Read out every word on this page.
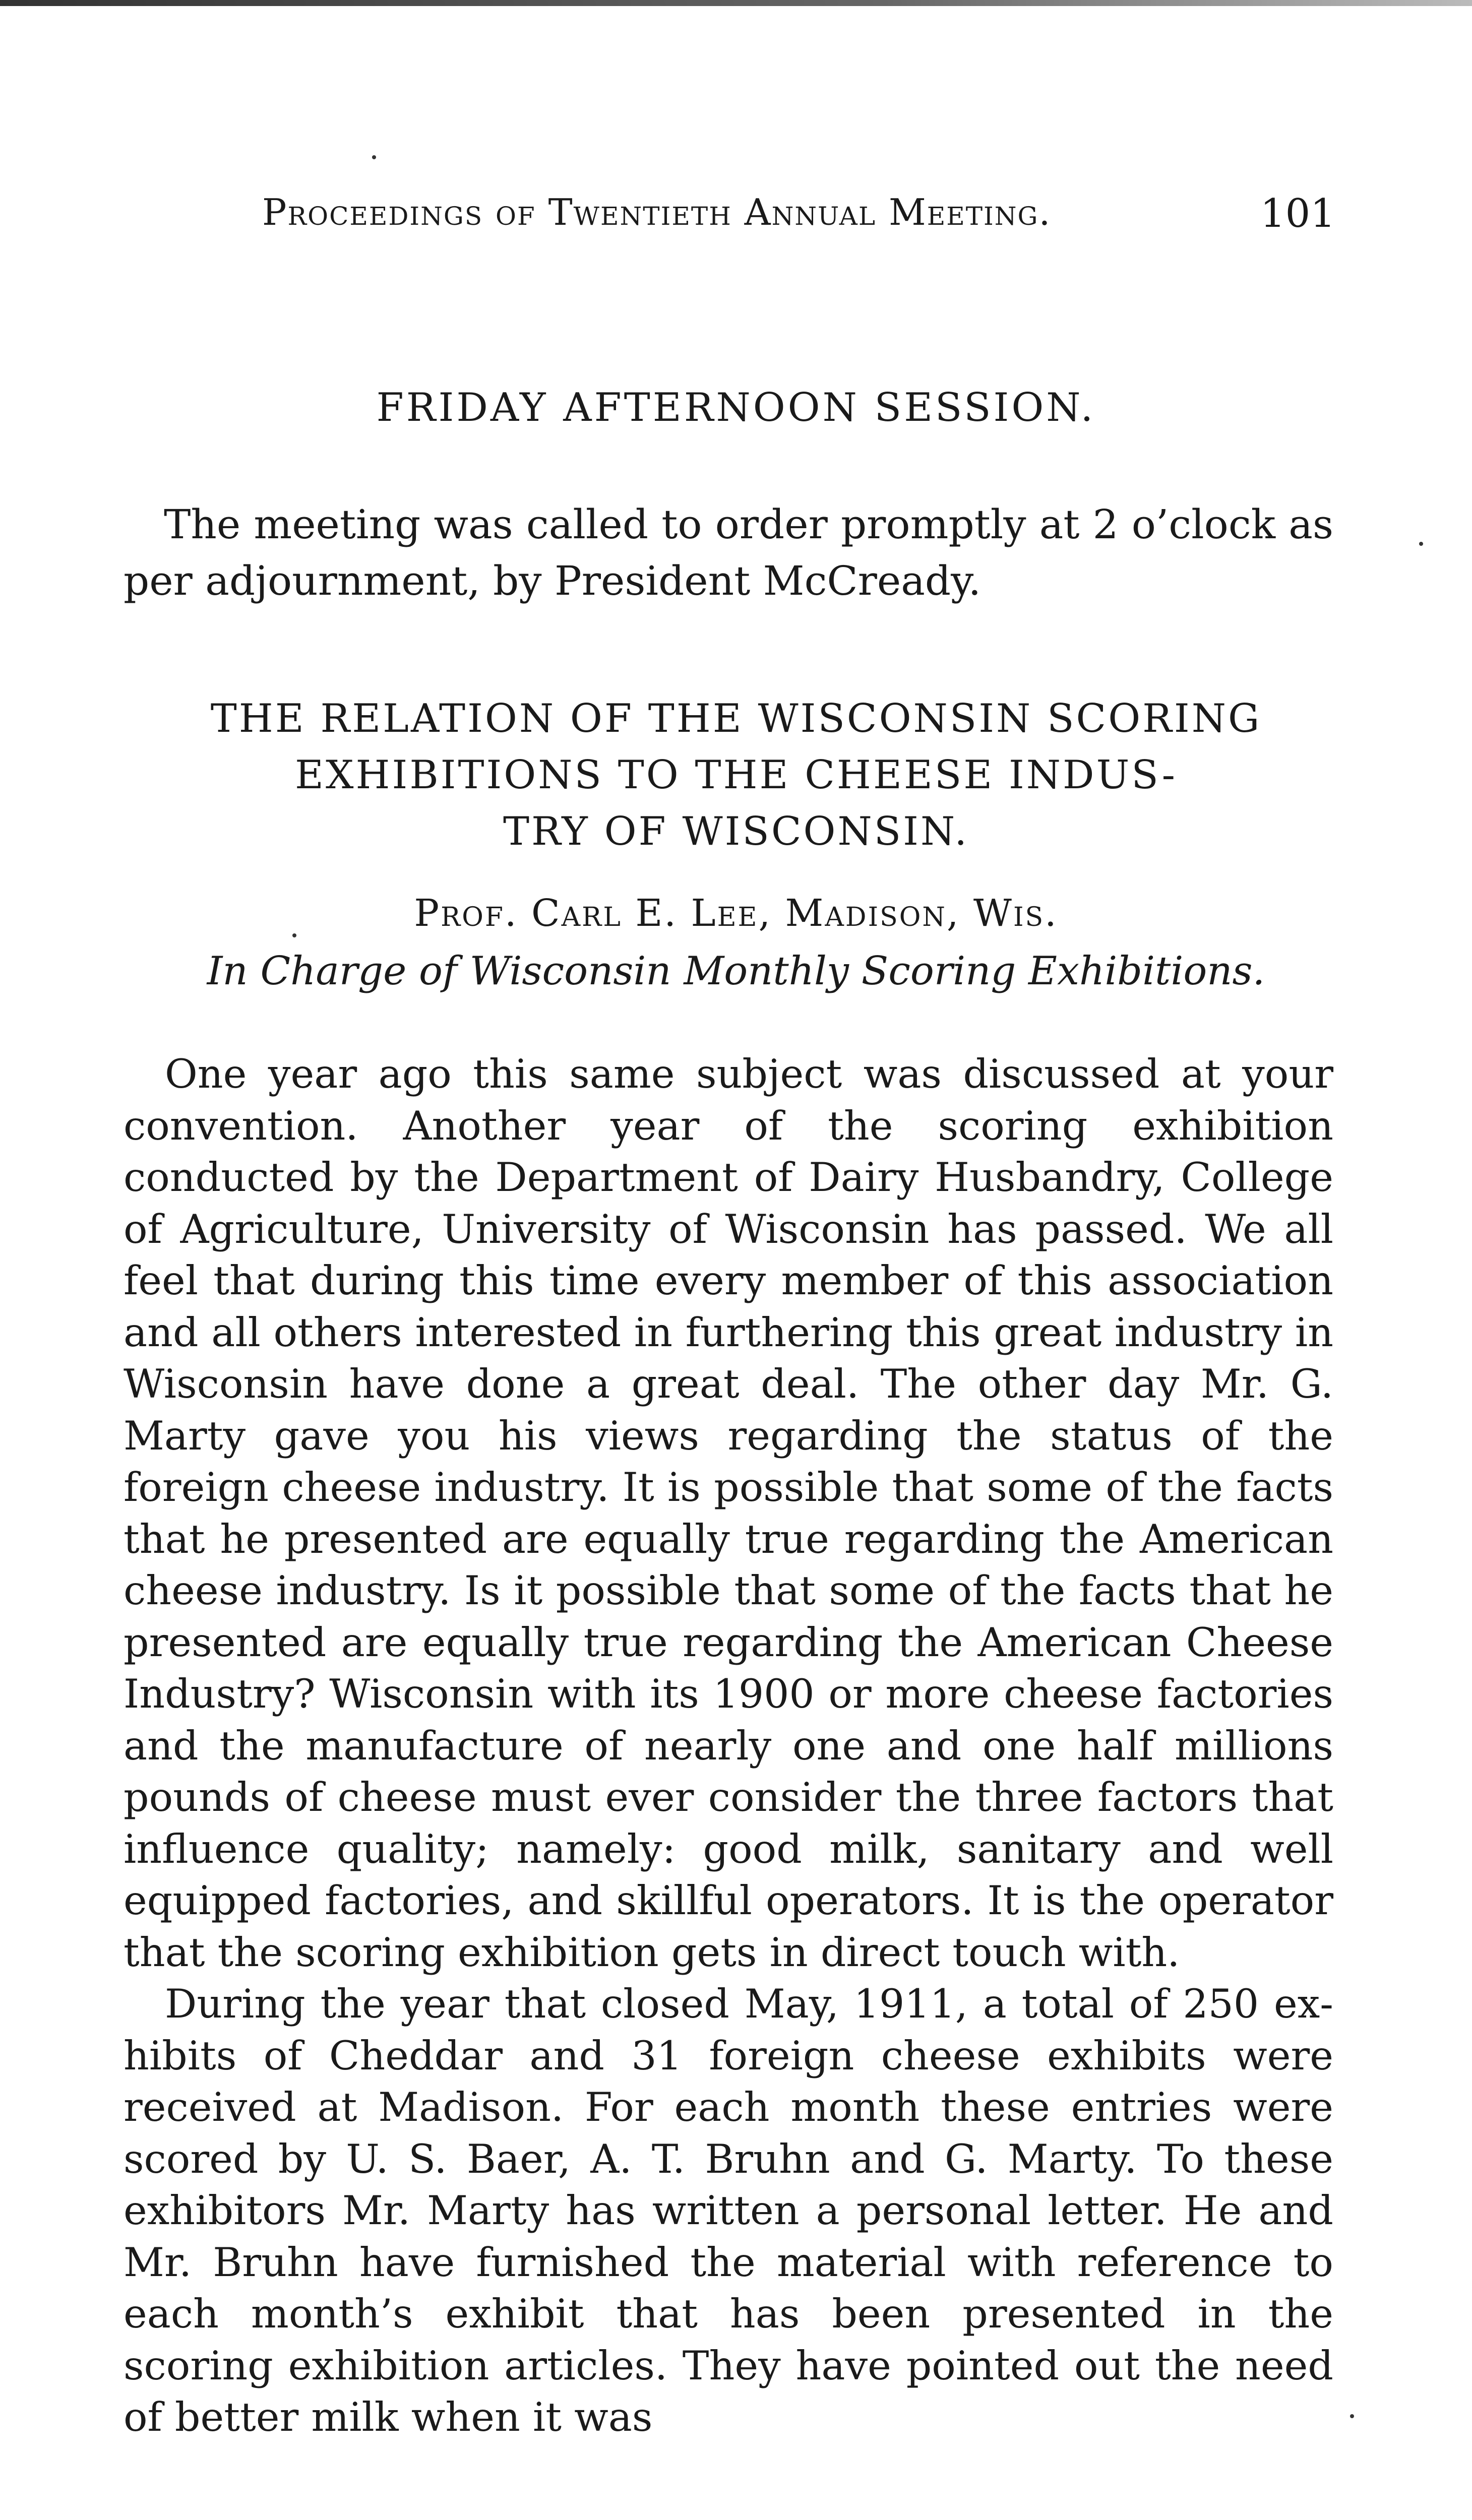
Proceedings of Twentieth Annual Meeting.	101
FRIDAY AFTERNOON SESSION.

The meeting was called to order promptly at 2 o’clock as per adjournment, by President McCready.

THE RELATION OF THE WISCONSIN SCORING
EXHIBITIONS TO THE CHEESE INDUS-
TRY OF WISCONSIN.
Prof. Carl E. Lee, Madison, Wis.
In Charge of Wisconsin Monthly Scoring Exhibitions.

One year ago this same subject was discussed at your convention. Another year of the scoring exhibition conducted by the Department of Dairy Husbandry, College of Agriculture, University of Wisconsin has passed. We all feel that during this time every member of this association and all others interested in furthering this great industry in Wisconsin have done a great deal. The other day Mr. G. Marty gave you his views regarding the status of the foreign cheese industry. It is possible that some of the facts that he presented are equally true regarding the American cheese industry. Is it possible that some of the facts that he presented are equally true regarding the American Cheese Industry? Wisconsin with its 1900 or more cheese factories and the manufacture of nearly one and one half millions pounds of cheese must ever consider the three factors that influence quality; namely: good milk, sanitary and well equipped factories, and skillful operators. It is the operator that the scoring exhibition gets in direct touch with.

During the year that closed May, 1911, a total of 250 exhibits of Cheddar and 31 foreign cheese exhibits were received at Madison. For each month these entries were scored by U. S. Baer, A. T. Bruhn and G. Marty. To these exhibitors Mr. Marty has written a personal letter. He and Mr. Bruhn have furnished the material with reference to each month’s exhibit that has been presented in the scoring exhibition articles. They have pointed out the need of better milk when it was
